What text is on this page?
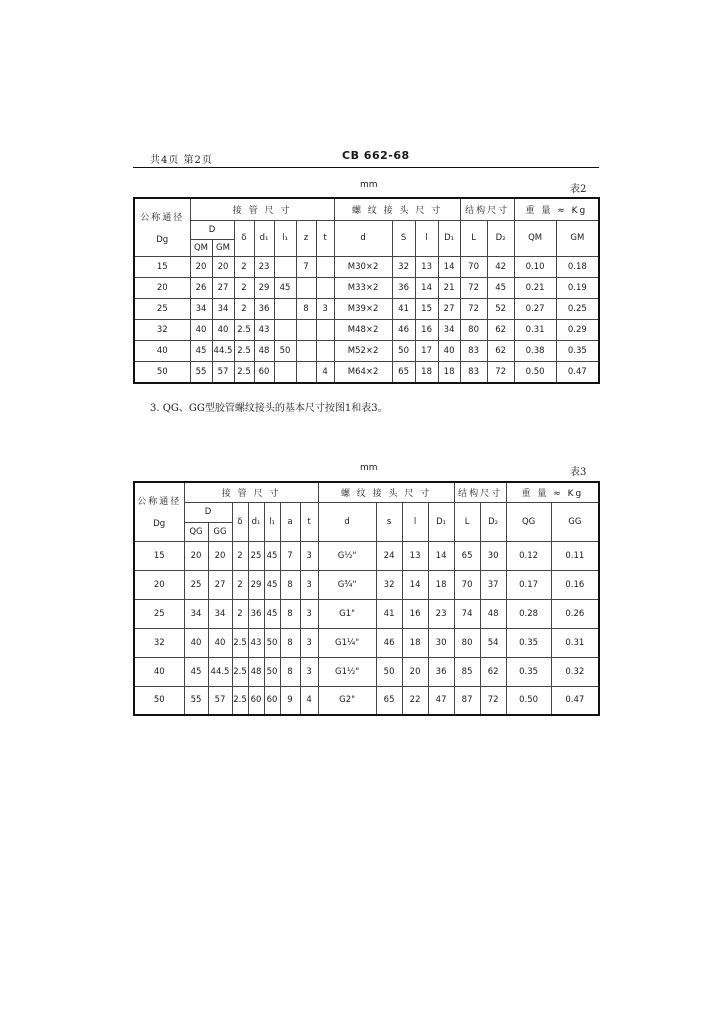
共4页 第2页	CB 662-68
mm	表2
公称通径
Dg	接 管 尺 寸							螺 纹 接 头 尺 寸				结构尺寸		重 量 ≈ Kg	
	D		δ	d₁	l₁	z	t	d	S	l	D₁	L	D₂	QM	GM
	QM	GM													
15	20	20	2	23		7		M30×2	32	13	14	70	42	0.10	0.18
20	26	27	2	29	45			M33×2	36	14	21	72	45	0.21	0.19
25	34	34	2	36		8	3	M39×2	41	15	27	72	52	0.27	0.25
32	40	40	2.5	43				M48×2	46	16	34	80	62	0.31	0.29
40	45	44.5	2.5	48	50			M52×2	50	17	40	83	62	0.38	0.35
50	55	57	2.5	60			4	M64×2	65	18	18	83	72	0.50	0.47
3. QG、GG型胶管螺纹接头的基本尺寸按图1和表3。
mm	表3
公称通径
Dg	接 管 尺 寸							螺 纹 接 头 尺 寸				结构尺寸		重 量 ≈ Kg	
	D		δ	d₁	l₁	a	t	d	s	l	D₁	L	D₂	QG	GG
	QG	GG													
15	20	20	2	25	45	7	3	G½"	24	13	14	65	30	0.12	0.11
20	25	27	2	29	45	8	3	G¾"	32	14	18	70	37	0.17	0.16
25	34	34	2	36	45	8	3	G1"	41	16	23	74	48	0.28	0.26
32	40	40	2.5	43	50	8	3	G1¼"	46	18	30	80	54	0.35	0.31
40	45	44.5	2.5	48	50	8	3	G1½"	50	20	36	85	62	0.35	0.32
50	55	57	2.5	60	60	9	4	G2"	65	22	47	87	72	0.50	0.47
